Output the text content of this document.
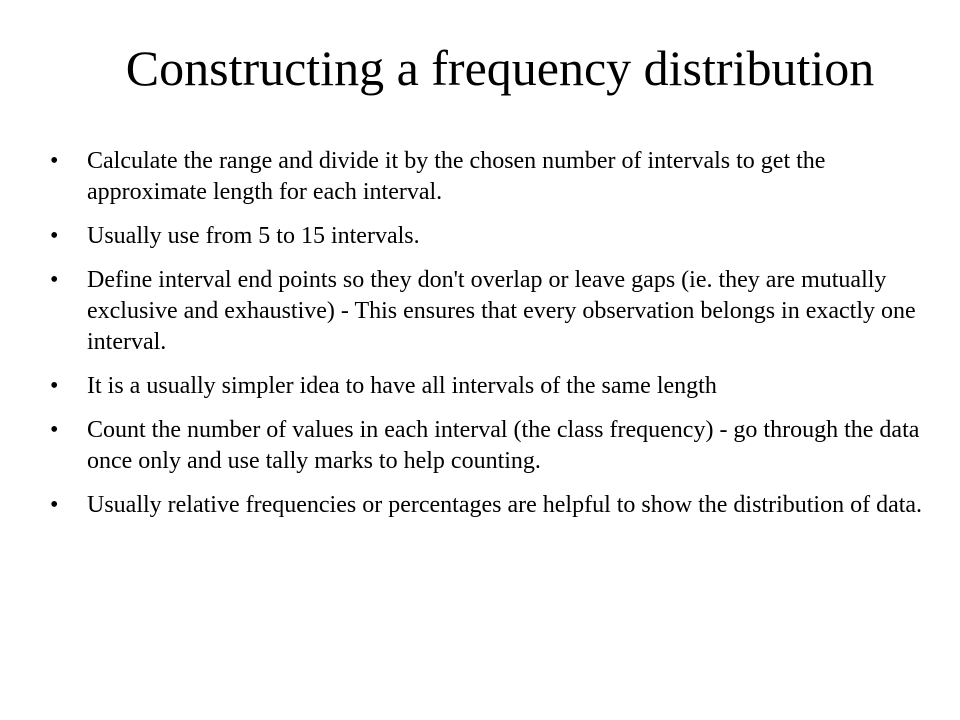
Constructing a frequency distribution
•	Calculate the range and divide it by the chosen number of intervals to get the approximate length for each interval.
•	Usually use from 5 to 15 intervals.
•	Define interval end points so they don't overlap or leave gaps (ie. they are mutually exclusive and exhaustive) - This ensures that every observation belongs in exactly one interval.
•	It is a usually simpler idea to have all intervals of the same length
•	Count the number of values in each interval (the class frequency) - go through the data once only and use tally marks to help counting.
•	Usually relative frequencies or percentages are helpful to show the distribution of data.
